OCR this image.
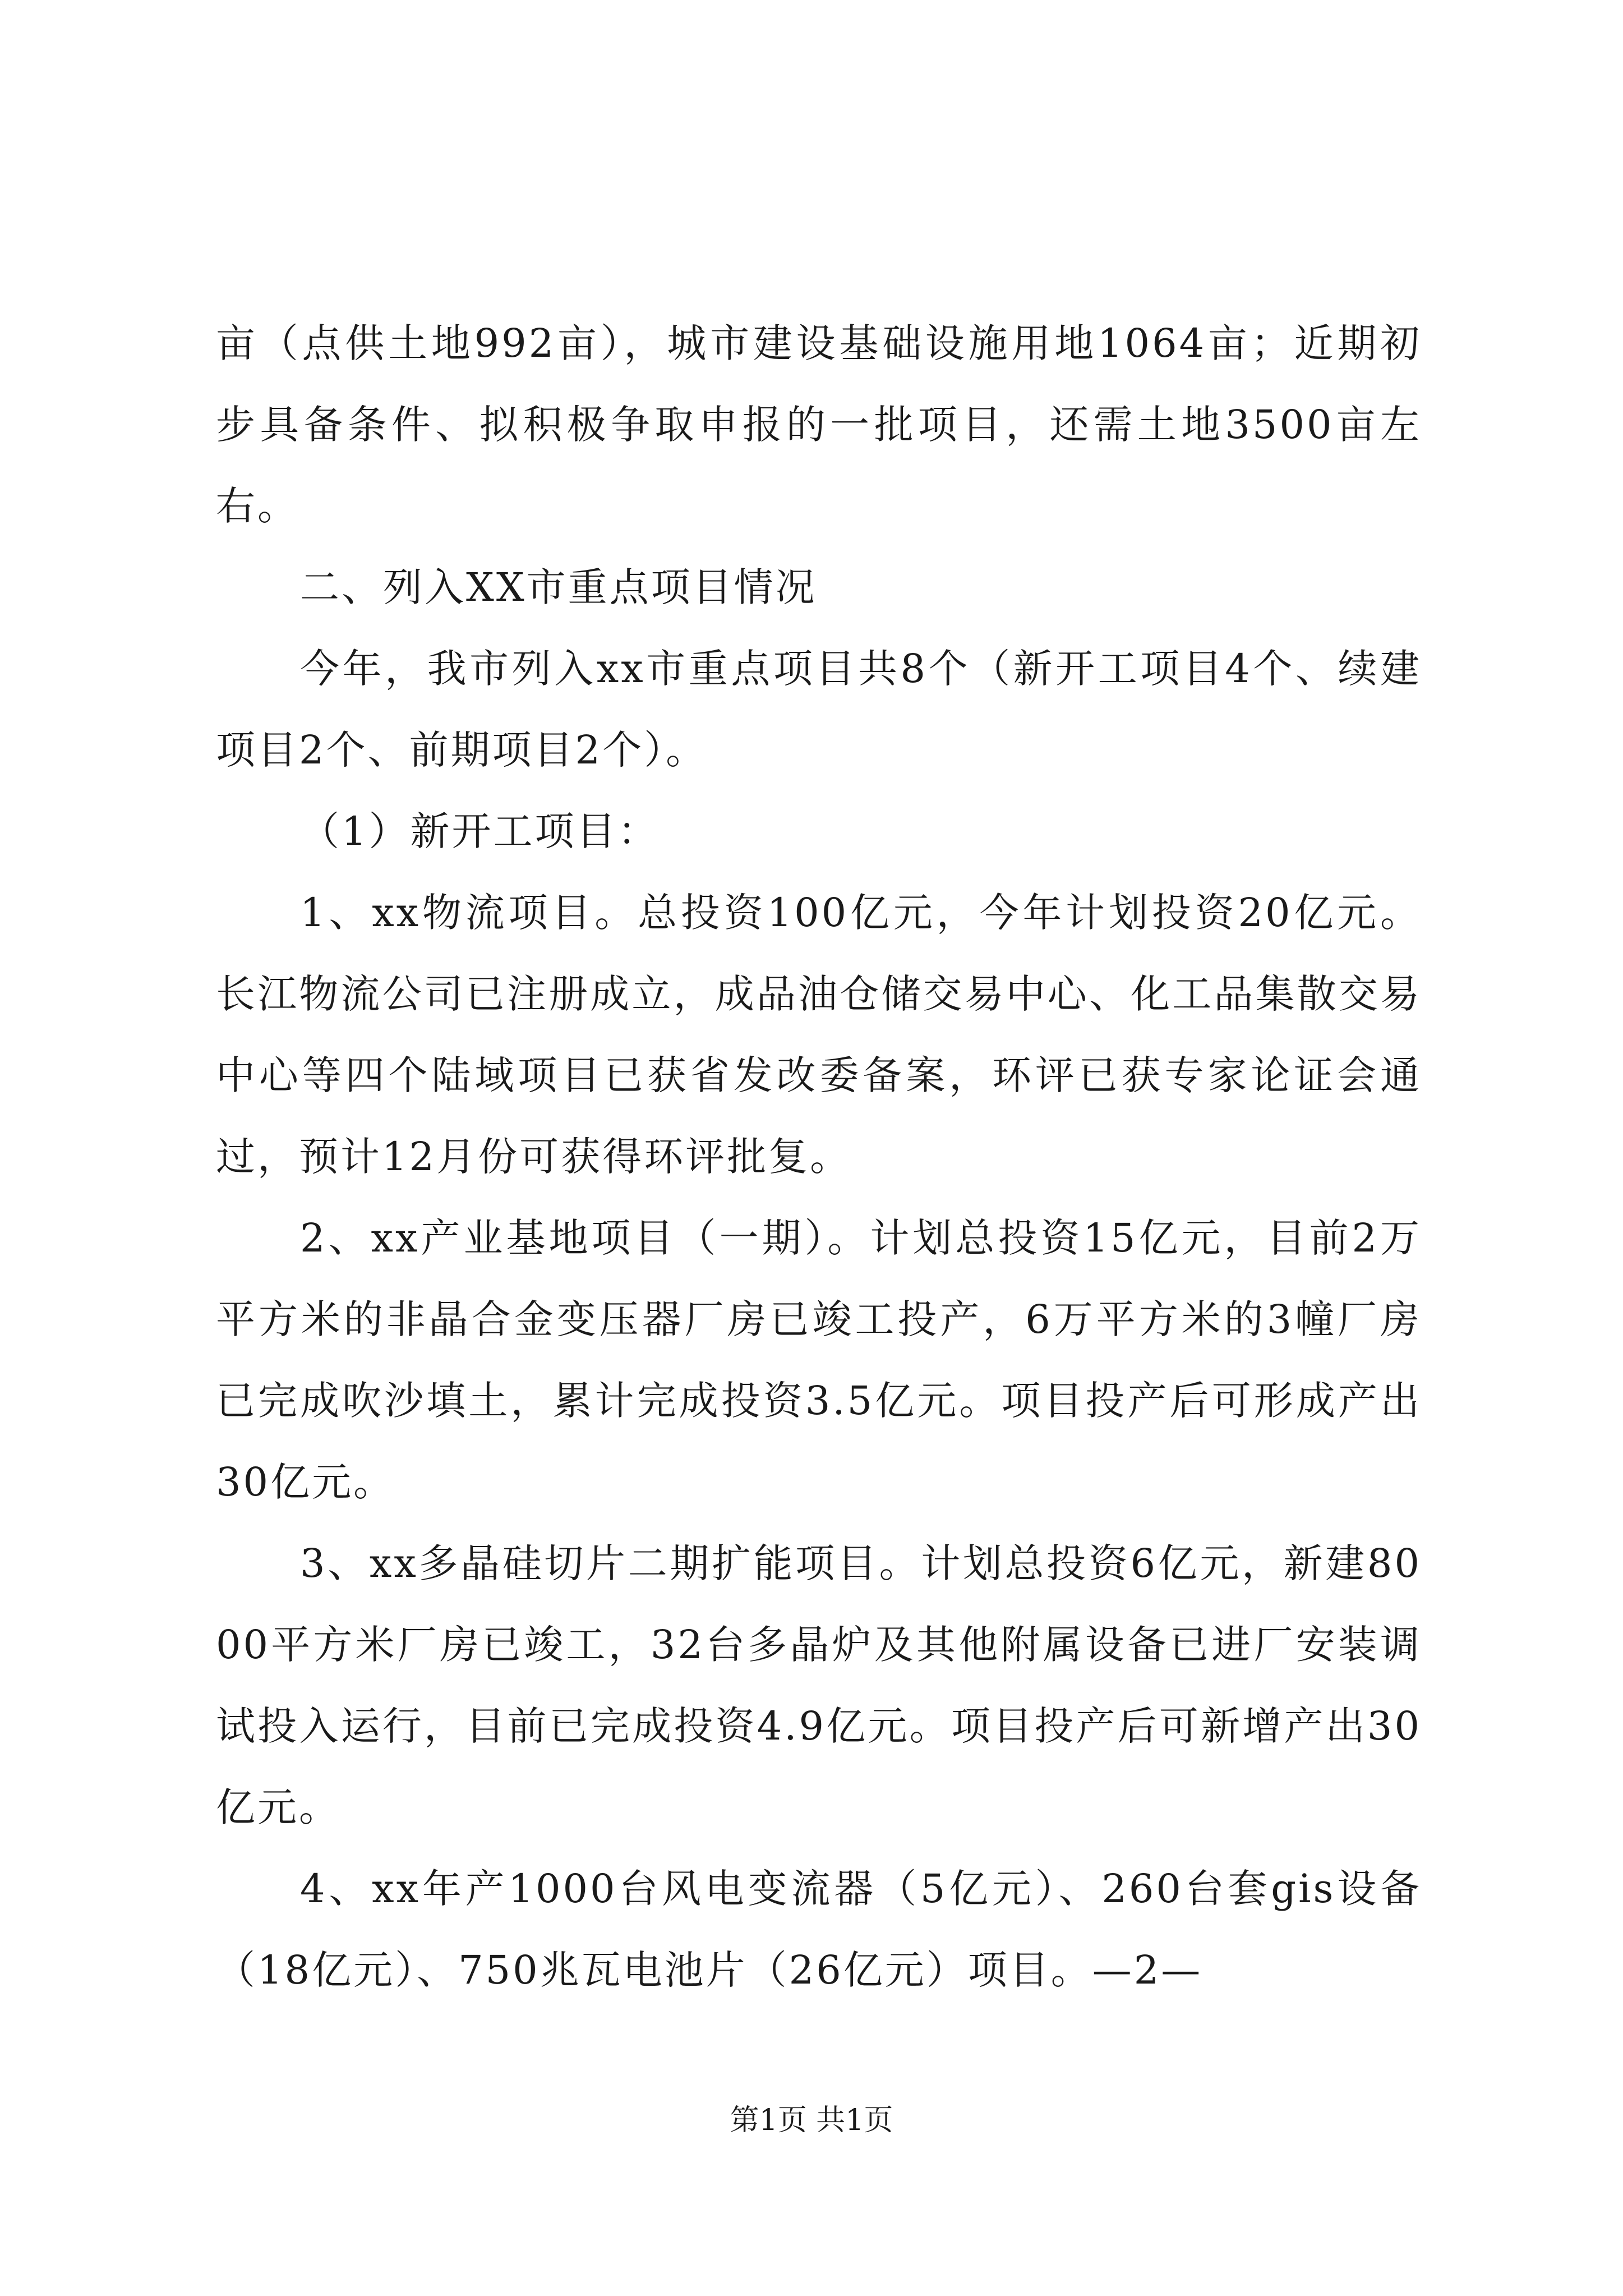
亩（点供土地992亩），城市建设基础设施用地1064亩；近期初步具备条件、拟积极争取申报的一批项目，还需土地3500亩左右。

二、列入XX市重点项目情况

今年，我市列入xx市重点项目共8个（新开工项目4个、续建项目2个、前期项目2个）。

（1）新开工项目：

1、xx物流项目。总投资100亿元，今年计划投资20亿元。长江物流公司已注册成立，成品油仓储交易中心、化工品集散交易中心等四个陆域项目已获省发改委备案，环评已获专家论证会通过，预计12月份可获得环评批复。

2、xx产业基地项目（一期）。计划总投资15亿元，目前2万平方米的非晶合金变压器厂房已竣工投产，6万平方米的3幢厂房已完成吹沙填土，累计完成投资3.5亿元。项目投产后可形成产出30亿元。

3、xx多晶硅切片二期扩能项目。计划总投资6亿元，新建8000平方米厂房已竣工，32台多晶炉及其他附属设备已进厂安装调试投入运行，目前已完成投资4.9亿元。项目投产后可新增产出30亿元。

4、xx年产1000台风电变流器（5亿元）、260台套gis设备（18亿元）、750兆瓦电池片（26亿元）项目。—2—

第1页 共1页
